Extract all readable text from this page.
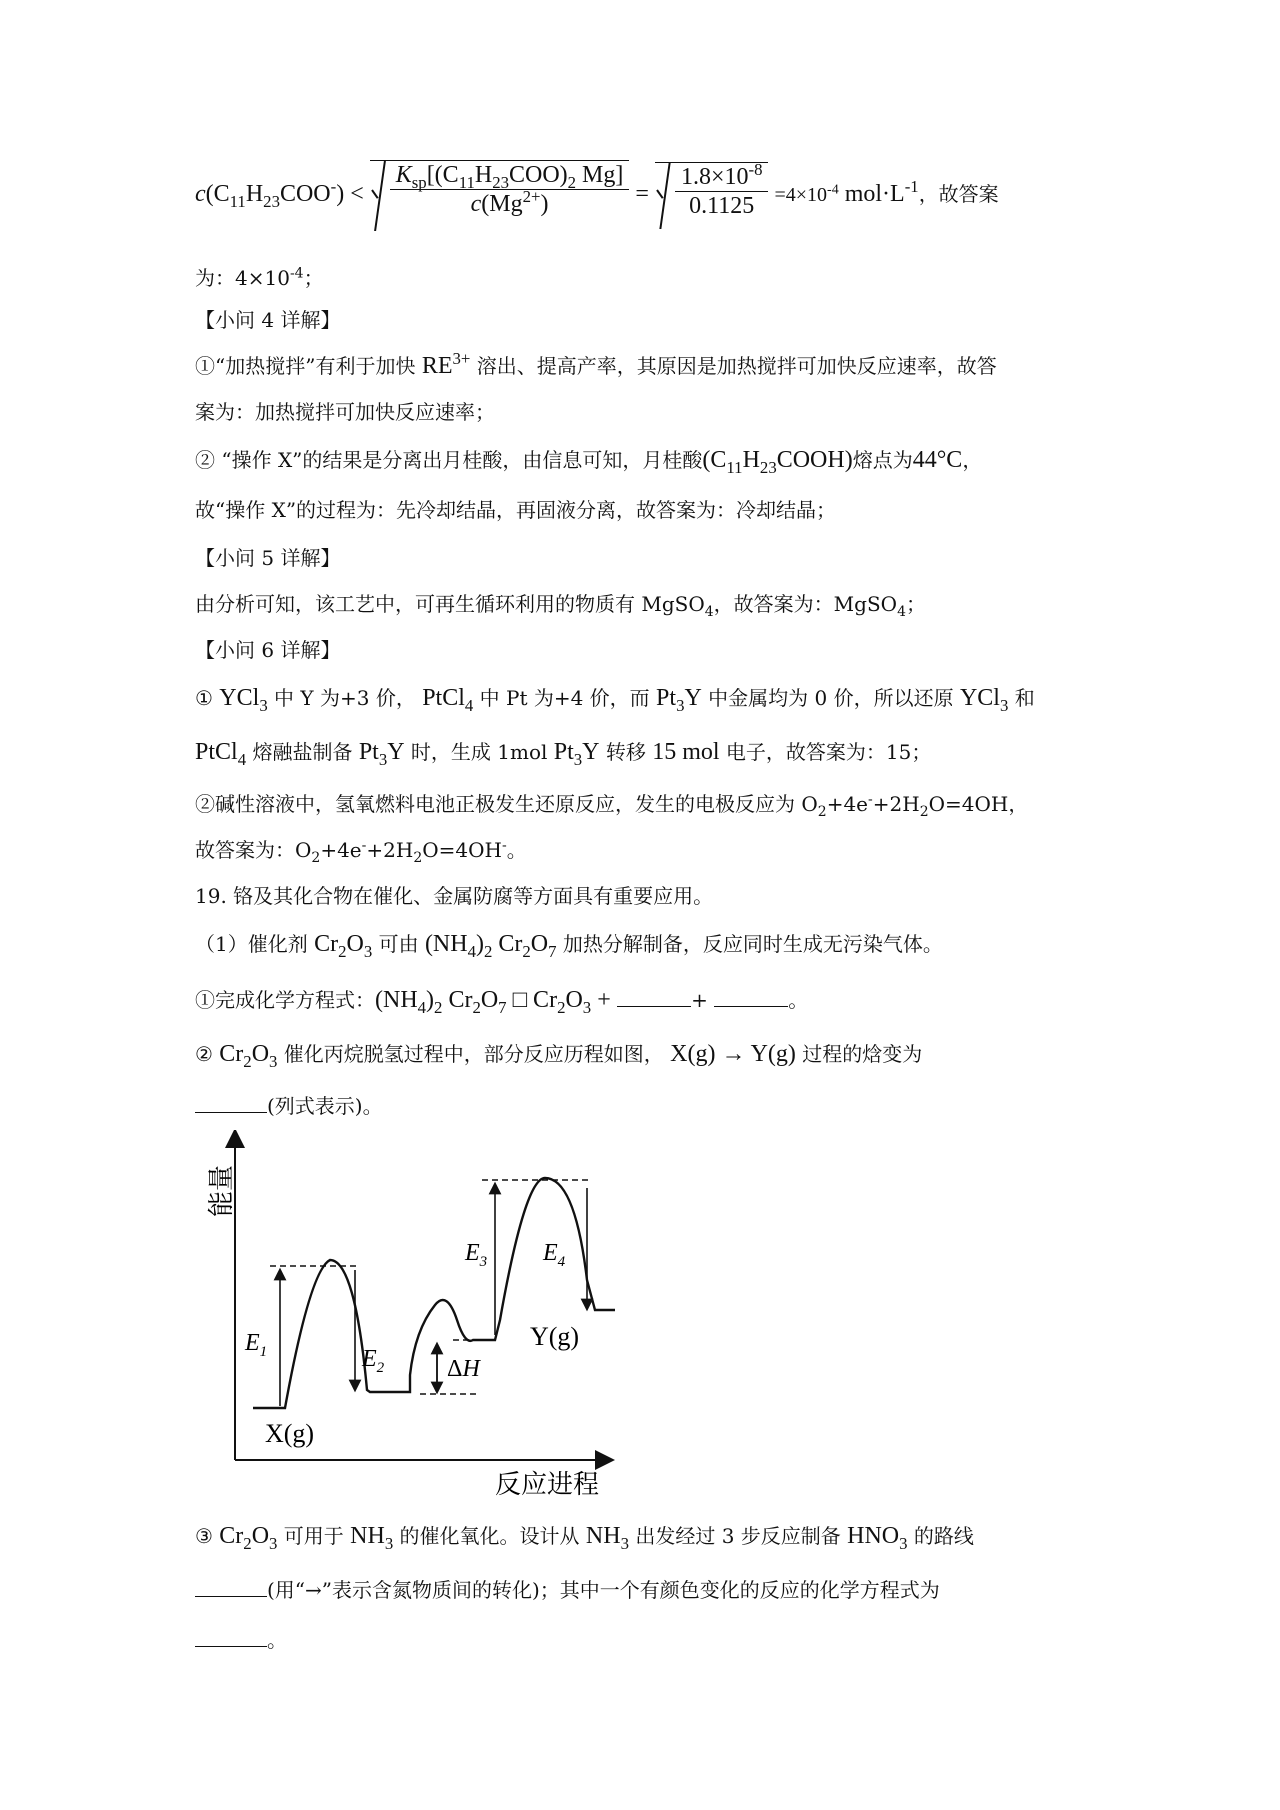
$c(C_{11}H_{23}COO^-) < \frac{K_{sp}[(C_{11}H_{23}COO)_2 Mg]}{c(Mg^{2+})} = \frac{1.8\times 10^{-8}}{0.1125} =4\times 10^{-4}$ $mol\cdot L^{-1}$，故答案
为：$4\times 10^{-4}$；
【小问 4 详解】
①“加热搅拌”有利于加快 $RE^{3+}$ 溶出、提高产率，其原因是加热搅拌可加快反应速率，故答
案为：加热搅拌可加快反应速率；
② “操作 X”的结果是分离出月桂酸，由信息可知，月桂酸$(C_{11}H_{23}COOH)$熔点为44°C，
故“操作 X”的过程为：先冷却结晶，再固液分离，故答案为：冷却结晶；
【小问 5 详解】
由分析可知，该工艺中，可再生循环利用的物质有 MgSO$_4$，故答案为：MgSO$_4$；
【小问 6 详解】
① YCl$_3$ 中 Y 为+3 价， PtCl$_4$ 中 Pt 为+4 价，而 $Pt_3Y$ 中金属均为 0 价，所以还原 YCl$_3$ 和
PtCl$_4$ 熔融盐制备 $Pt_3Y$ 时，生成 1mol $Pt_3Y$ 转移 15 mol 电子，故答案为：15；
②碱性溶液中，氢氧燃料电池正极发生还原反应，发生的电极反应为 $O_2+4e^-+2H_2O=4OH$，
故答案为：$O_2+4e^-+2H_2O=4OH^-$。
19. 铬及其化合物在催化、金属防腐等方面具有重要应用。
（1）催化剂 $Cr_2O_3$ 可由 $(NH_4)_2$ $Cr_2O_7$ 加热分解制备，反应同时生成无污染气体。
①完成化学方程式：$(NH_4)_2$ $Cr_2O_7$ □ $Cr_2O_3$ +	+	。
② $Cr_2O_3$ 催化丙烷脱氢过程中，部分反应历程如图， X(g) → Y(g) 过程的焓变为
(列式表示)。
能量
反应进程
$E_1$	$E_2$	ΔH
$E_3$ $E_4$
X(g)
Y(g)
③ $Cr_2O_3$ 可用于 $NH_3$ 的催化氧化。设计从 $NH_3$ 出发经过 3 步反应制备 $HNO_3$ 的路线
(用“→”表示含氮物质间的转化)；其中一个有颜色变化的反应的化学方程式为
。
